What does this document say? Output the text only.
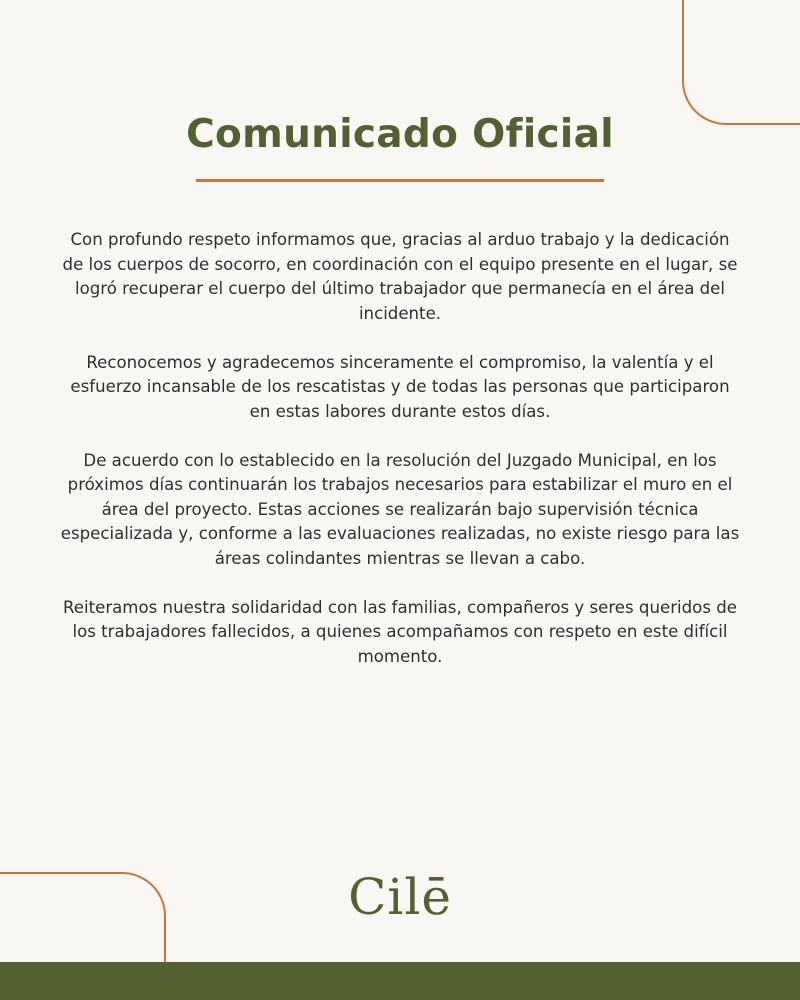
Comunicado Oficial

Con profundo respeto informamos que, gracias al arduo trabajo y la dedicación de los cuerpos de socorro, en coordinación con el equipo presente en el lugar, se logró recuperar el cuerpo del último trabajador que permanecía en el área del incidente.

Reconocemos y agradecemos sinceramente el compromiso, la valentía y el esfuerzo incansable de los rescatistas y de todas las personas que participaron en estas labores durante estos días.

De acuerdo con lo establecido en la resolución del Juzgado Municipal, en los próximos días continuarán los trabajos necesarios para estabilizar el muro en el área del proyecto. Estas acciones se realizarán bajo supervisión técnica especializada y, conforme a las evaluaciones realizadas, no existe riesgo para las áreas colindantes mientras se llevan a cabo.

Reiteramos nuestra solidaridad con las familias, compañeros y seres queridos de los trabajadores fallecidos, a quienes acompañamos con respeto en este difícil momento.

Cilē
